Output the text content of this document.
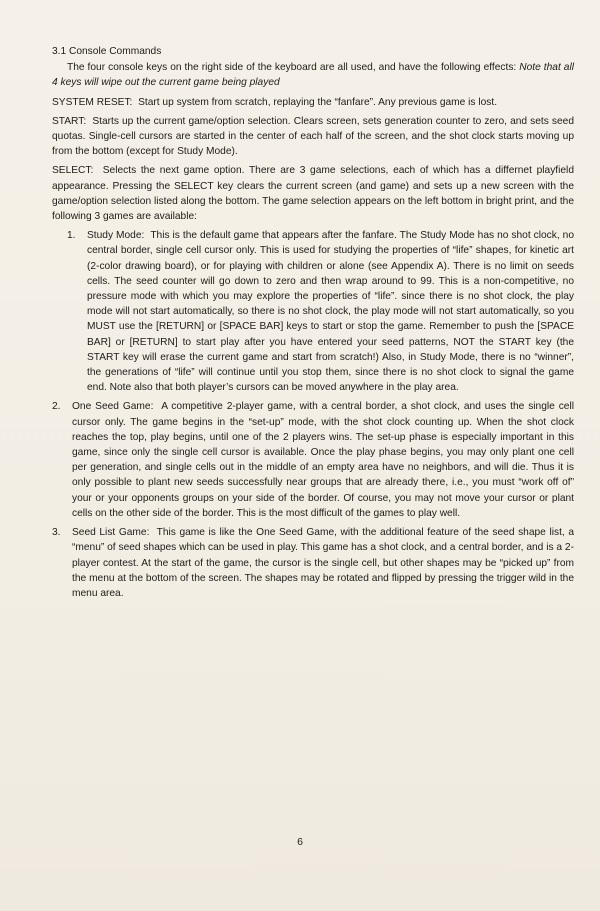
3.1 Console Commands

The four console keys on the right side of the keyboard are all used, and have the following effects: Note that all 4 keys will wipe out the current game being played

SYSTEM RESET: Start up system from scratch, replaying the “fanfare”. Any previous game is lost.

START: Starts up the current game/option selection. Clears screen, sets generation counter to zero, and sets seed quotas. Single-cell cursors are started in the center of each half of the screen, and the shot clock starts moving up from the bottom (except for Study Mode).

SELECT: Selects the next game option. There are 3 game selections, each of which has a differnet playfield appearance. Pressing the SELECT key clears the current screen (and game) and sets up a new screen with the game/option selection listed along the bottom. The game selection appears on the left bottom in bright print, and the following 3 games are available:

1. Study Mode: This is the default game that appears after the fanfare. The Study Mode has no shot clock, no central border, single cell cursor only. This is used for studying the properties of “life” shapes, for kinetic art (2-color drawing board), or for playing with children or alone (see Appendix A). There is no limit on seeds cells. The seed counter will go down to zero and then wrap around to 99. This is a non-competitive, no pressure mode with which you may explore the properties of “life”. since there is no shot clock, the play mode will not start automatically, so there is no shot clock, the play mode will not start automatically, so you MUST use the [RETURN] or [SPACE BAR] keys to start or stop the game. Remember to push the [SPACE BAR] or [RETURN] to start play after you have entered your seed patterns, NOT the START key (the START key will erase the current game and start from scratch!) Also, in Study Mode, there is no “winner”, the generations of “life” will continue until you stop them, since there is no shot clock to signal the game end. Note also that both player’s cursors can be moved anywhere in the play area.
2. One Seed Game: A competitive 2-player game, with a central border, a shot clock, and uses the single cell cursor only. The game begins in the “set-up” mode, with the shot clock counting up. When the shot clock reaches the top, play begins, until one of the 2 players wins. The set-up phase is especially important in this game, since only the single cell cursor is available. Once the play phase begins, you may only plant one cell per generation, and single cells out in the middle of an empty area have no neighbors, and will die. Thus it is only possible to plant new seeds successfully near groups that are already there, i.e., you must “work off of” your or your opponents groups on your side of the border. Of course, you may not move your cursor or plant cells on the other side of the border. This is the most difficult of the games to play well.
3. Seed List Game: This game is like the One Seed Game, with the additional feature of the seed shape list, a “menu” of seed shapes which can be used in play. This game has a shot clock, and a central border, and is a 2-player contest. At the start of the game, the cursor is the single cell, but other shapes may be “picked up” from the menu at the bottom of the screen. The shapes may be rotated and flipped by pressing the trigger wild in the menu area.
6
